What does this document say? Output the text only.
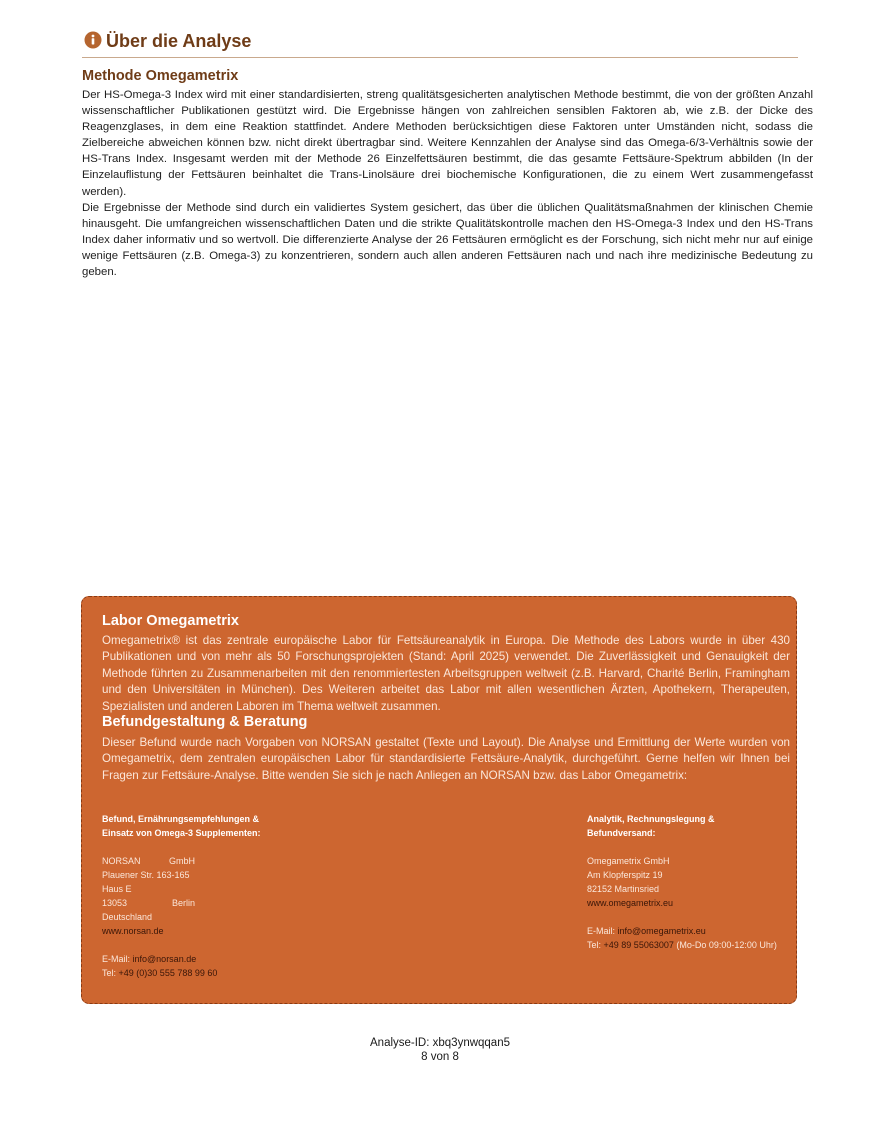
Über die Analyse
Methode Omegametrix

Der HS-Omega-3 Index wird mit einer standardisierten, streng qualitätsgesicherten analytischen Methode bestimmt, die von der größten Anzahl wissenschaftlicher Publikationen gestützt wird. Die Ergebnisse hängen von zahlreichen sensiblen Faktoren ab, wie z.B. der Dicke des Reagenzglases, in dem eine Reaktion stattfindet. Andere Methoden berücksichtigen diese Faktoren unter Umständen nicht, sodass die Zielbereiche abweichen können bzw. nicht direkt übertragbar sind. Weitere Kennzahlen der Analyse sind das Omega-6/3-Verhältnis sowie der HS-Trans Index. Insgesamt werden mit der Methode 26 Einzelfettsäuren bestimmt, die das gesamte Fettsäure-Spektrum abbilden (In der Einzelauflistung der Fettsäuren beinhaltet die Trans-Linolsäure drei biochemische Konfigurationen, die zu einem Wert zusammengefasst werden).

Die Ergebnisse der Methode sind durch ein validiertes System gesichert, das über die üblichen Qualitätsmaßnahmen der klinischen Chemie hinausgeht. Die umfangreichen wissenschaftlichen Daten und die strikte Qualitätskontrolle machen den HS-Omega-3 Index und den HS-Trans Index daher informativ und so wertvoll. Die differenzierte Analyse der 26 Fettsäuren ermöglicht es der Forschung, sich nicht mehr nur auf einige wenige Fettsäuren (z.B. Omega-3) zu konzentrieren, sondern auch allen anderen Fettsäuren nach und nach ihre medizinische Bedeutung zu geben.

Labor Omegametrix

Omegametrix® ist das zentrale europäische Labor für Fettsäureanalytik in Europa. Die Methode des Labors wurde in über 430 Publikationen und von mehr als 50 Forschungsprojekten (Stand: April 2025) verwendet. Die Zuverlässigkeit und Genauigkeit der Methode führten zu Zusammenarbeiten mit den renommiertesten Arbeitsgruppen weltweit (z.B. Harvard, Charité Berlin, Framingham und den Universitäten in München). Des Weiteren arbeitet das Labor mit allen wesentlichen Ärzten, Apothekern, Therapeuten, Spezialisten und anderen Laboren im Thema weltweit zusammen.

Befundgestaltung & Beratung

Dieser Befund wurde nach Vorgaben von NORSAN gestaltet (Texte und Layout). Die Analyse und Ermittlung der Werte wurden von Omegametrix, dem zentralen europäischen Labor für standardisierte Fettsäure-Analytik, durchgeführt. Gerne helfen wir Ihnen bei Fragen zur Fettsäure-Analyse. Bitte wenden Sie sich je nach Anliegen an NORSAN bzw. das Labor Omegametrix:

Befund, Ernährungsempfehlungen &
Einsatz von Omega-3 Supplementen:
NORSAN	GmbH
Plauener Str. 163-165
Haus E
13053	Berlin
Deutschland
www.norsan.de
E-Mail: info@norsan.de
Tel: +49 (0)30 555 788 99 60
Analytik, Rechnungslegung &
Befundversand:
Omegametrix GmbH
Am Klopferspitz 19
82152 Martinsried
www.omegametrix.eu
E-Mail: info@omegametrix.eu
Tel: +49 89 55063007 (Mo-Do 09:00-12:00 Uhr)
Analyse-ID: xbq3ynwqqan5
8 von 8
